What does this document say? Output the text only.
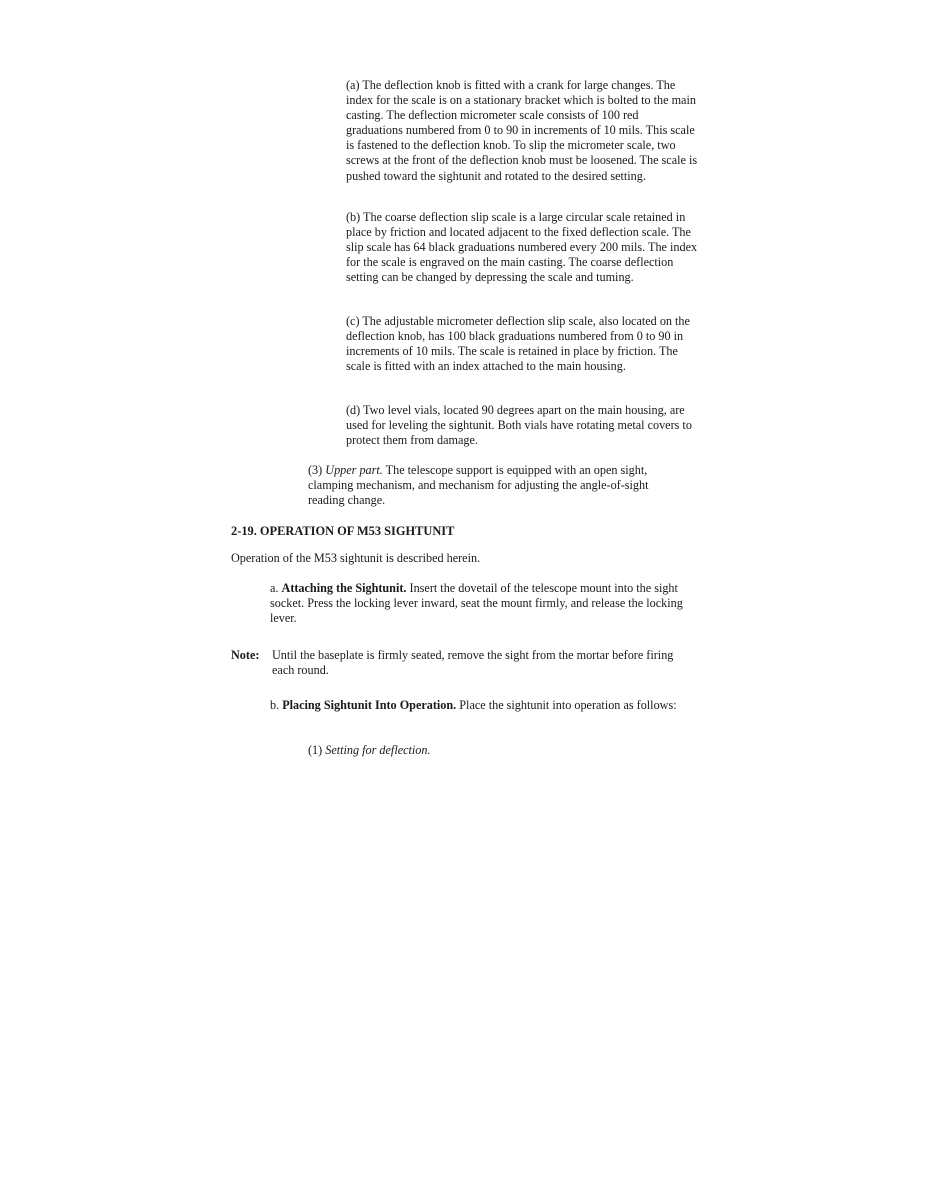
(a) The deflection knob is fitted with a crank for large changes. The index for the scale is on a stationary bracket which is bolted to the main casting. The deflection micrometer scale consists of 100 red graduations numbered from 0 to 90 in increments of 10 mils. This scale is fastened to the deflection knob. To slip the micrometer scale, two screws at the front of the deflection knob must be loosened. The scale is pushed toward the sightunit and rotated to the desired setting.

(b) The coarse deflection slip scale is a large circular scale retained in place by friction and located adjacent to the fixed deflection scale. The slip scale has 64 black graduations numbered every 200 mils. The index for the scale is engraved on the main casting. The coarse deflection setting can be changed by depressing the scale and tuming.

(c) The adjustable micrometer deflection slip scale, also located on the deflection knob, has 100 black graduations numbered from 0 to 90 in increments of 10 mils. The scale is retained in place by friction. The scale is fitted with an index attached to the main housing.

(d) Two level vials, located 90 degrees apart on the main housing, are used for leveling the sightunit. Both vials have rotating metal covers to protect them from damage.

(3) Upper part. The telescope support is equipped with an open sight, clamping mechanism, and mechanism for adjusting the angle-of-sight reading change.

2-19. OPERATION OF M53 SIGHTUNIT

Operation of the M53 sightunit is described herein.

a. Attaching the Sightunit. Insert the dovetail of the telescope mount into the sight socket. Press the locking lever inward, seat the mount firmly, and release the locking lever.

Note: Until the baseplate is firmly seated, remove the sight from the mortar before firing each round.

b. Placing Sightunit Into Operation. Place the sightunit into operation as follows:

(1) Setting for deflection.
